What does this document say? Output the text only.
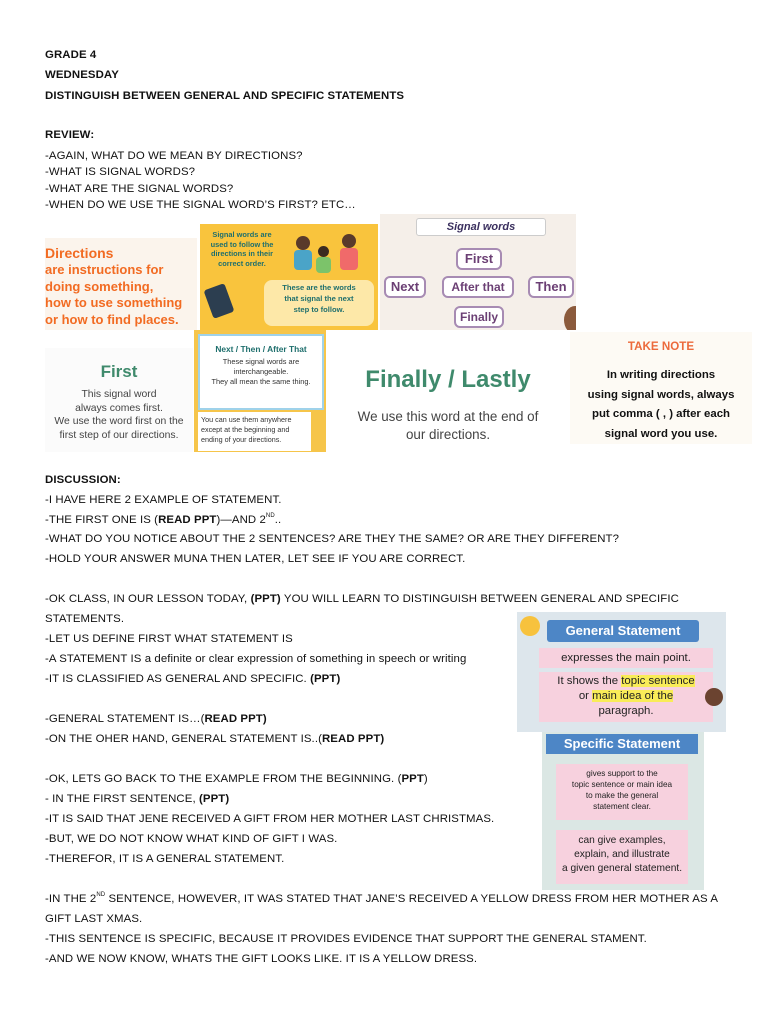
GRADE 4
WEDNESDAY
DISTINGUISH BETWEEN GENERAL AND SPECIFIC STATEMENTS
REVIEW:
-AGAIN, WHAT DO WE MEAN BY DIRECTIONS?
-WHAT IS SIGNAL WORDS?
-WHAT ARE THE SIGNAL WORDS?
-WHEN DO WE USE THE SIGNAL WORD’S FIRST? ETC…
Directions
are instructions for
doing something,
how to use something
or how to find places.
Signal words are
used to follow the
directions in their
correct order.
These are the words
that signal the next
step to follow.
Signal words
First
Next	After that	Then
Finally
First
This signal word
always comes first.
We use the word first on the
first step of our directions.
Next / Then / After That
These signal words are
interchangeable.
They all mean the same thing.
You can use them anywhere
except at the beginning and
ending of your directions.
Finally / Lastly
We use this word at the end of
our directions.
TAKE NOTE
In writing directions
using signal words, always
put comma ( , ) after each
signal word you use.
General Statement
expresses the main point.
It shows the topic sentence
or main idea of the
paragraph.
Specific Statement
gives support to the
topic sentence or main idea
to make the general
statement clear.
can give examples,
explain, and illustrate
a given general statement.
DISCUSSION:
-I HAVE HERE 2 EXAMPLE OF STATEMENT.
-THE FIRST ONE IS (READ PPT)—AND 2ND..
-WHAT DO YOU NOTICE ABOUT THE 2 SENTENCES? ARE THEY THE SAME? OR ARE THEY DIFFERENT?
-HOLD YOUR ANSWER MUNA THEN LATER, LET SEE IF YOU ARE CORRECT.
-OK CLASS, IN OUR LESSON TODAY, (PPT) YOU WILL LEARN TO DISTINGUISH BETWEEN GENERAL AND SPECIFIC
STATEMENTS.
-LET US DEFINE FIRST WHAT STATEMENT IS
-A STATEMENT IS a definite or clear expression of something in speech or writing
-IT IS CLASSIFIED AS GENERAL AND SPECIFIC. (PPT)
-GENERAL STATEMENT IS…(READ PPT)
-ON THE OHER HAND, GENERAL STATEMENT IS..(READ PPT)
-OK, LETS GO BACK TO THE EXAMPLE FROM THE BEGINNING. (PPT)
- IN THE FIRST SENTENCE, (PPT)
-IT IS SAID THAT JENE RECEIVED A GIFT FROM HER MOTHER LAST CHRISTMAS.
-BUT, WE DO NOT KNOW WHAT KIND OF GIFT I WAS.
-THEREFOR, IT IS A GENERAL STATEMENT.
-IN THE 2ND SENTENCE, HOWEVER, IT WAS STATED THAT JANE’S RECEIVED A YELLOW DRESS FROM HER MOTHER AS A
GIFT LAST XMAS.
-THIS SENTENCE IS SPECIFIC, BECAUSE IT PROVIDES EVIDENCE THAT SUPPORT THE GENERAL STAMENT.
-AND WE NOW KNOW, WHATS THE GIFT LOOKS LIKE. IT IS A YELLOW DRESS.
